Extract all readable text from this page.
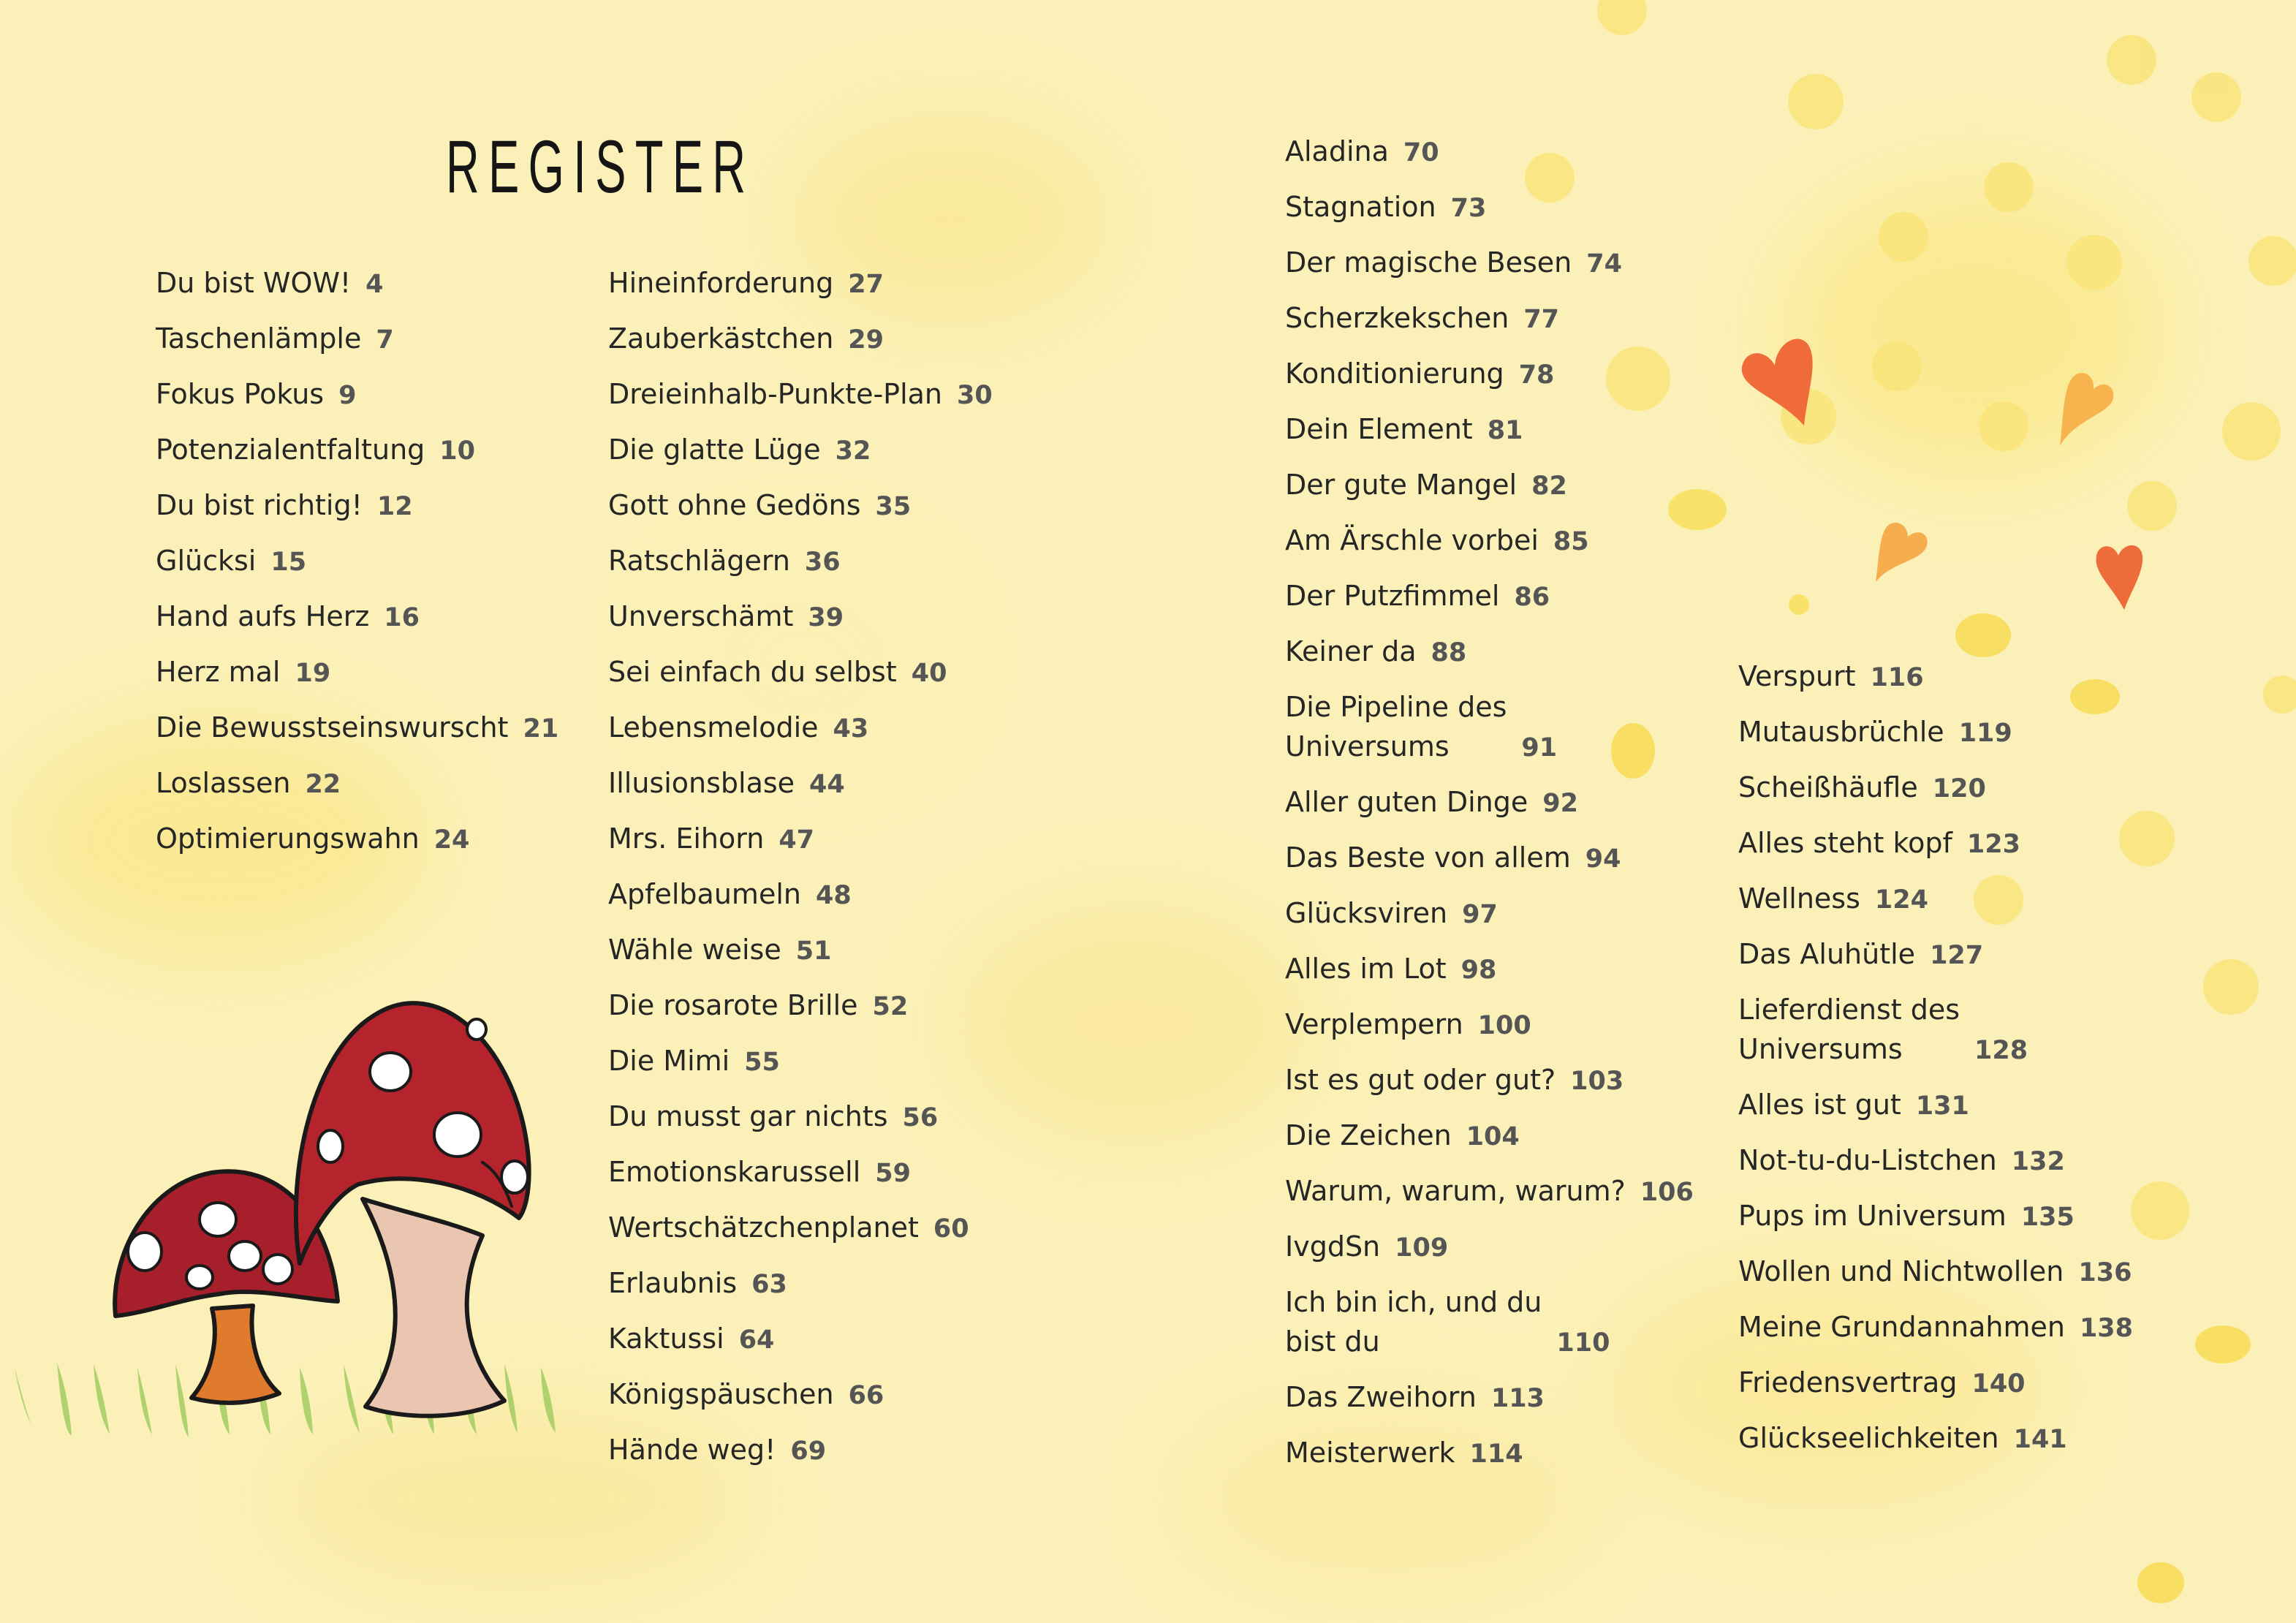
REGISTER
Du bist WOW! 4
Taschenlämple 7
Fokus Pokus 9
Potenzialentfaltung 10
Du bist richtig! 12
Glücksi 15
Hand aufs Herz 16
Herz mal 19
Die Bewusstseinswurscht 21
Loslassen 22
Optimierungswahn 24
Hineinforderung 27
Zauberkästchen 29
Dreieinhalb-Punkte-Plan 30
Die glatte Lüge 32
Gott ohne Gedöns 35
Ratschlägern 36
Unverschämt 39
Sei einfach du selbst 40
Lebensmelodie 43
Illusionsblase 44
Mrs. Eihorn 47
Apfelbaumeln 48
Wähle weise 51
Die rosarote Brille 52
Die Mimi 55
Du musst gar nichts 56
Emotionskarussell 59
Wertschätzchenplanet 60
Erlaubnis 63
Kaktussi 64
Königspäuschen 66
Hände weg! 69
Aladina 70
Stagnation 73
Der magische Besen 74
Scherzkekschen 77
Konditionierung 78
Dein Element 81
Der gute Mangel 82
Am Ärschle vorbei 85
Der Putzfimmel 86
Keiner da 88
Die Pipeline des
Universums	91
Aller guten Dinge 92
Das Beste von allem 94
Glücksviren 97
Alles im Lot 98
Verplempern 100
Ist es gut oder gut? 103
Die Zeichen 104
Warum, warum, warum? 106
IvgdSn 109
Ich bin ich, und du
bist du	110
Das Zweihorn 113
Meisterwerk 114
Verspurt 116
Mutausbrüchle 119
Scheißhäufle 120
Alles steht kopf 123
Wellness 124
Das Aluhütle 127
Lieferdienst des
Universums	128
Alles ist gut 131
Not-tu-du-Listchen 132
Pups im Universum 135
Wollen und Nichtwollen 136
Meine Grundannahmen 138
Friedensvertrag 140
Glückseelichkeiten 141
